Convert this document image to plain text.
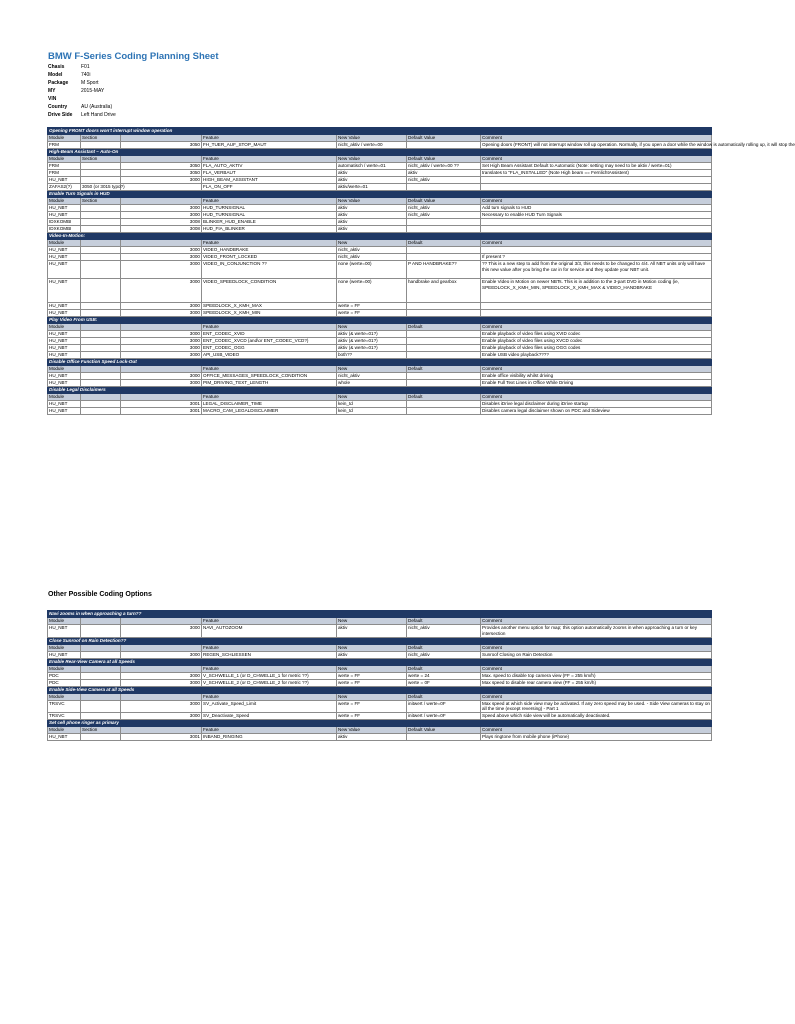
BMW F-Series Coding Planning Sheet
Chasis	F01
Model	740i
Package	M Sport
MY	2015-MAY
VIN	
Country	AU (Australia)
Drive Side	Left Hand Drive
Opening FRONT doors won't interrupt window operation						
Module	Section		Feature	New Value	Default Value	Comment
FRM		3050	FH_TUER_AUF_STOP_MAUT	nicht_aktiv / werte=00		Opening doors (FRONT) will not interrupt window roll up operation. Normally, if you open a door while the window is automatically rolling up, it will stop the
High-Beam Assistant – Auto-On						
Module	Section		Feature	New Value	Default Value	Comment
FRM		3050	FLA_AUTO_AKTIV	automatisch / werte=01	nicht_aktiv / werte=00 ??	Set High Beam Assistant Default to Automatic (Note: setting may need to be aktiv / werte=01)
FRM		3050	FLA_VERBAUT	aktiv	aktiv	translates to "FLA_INSTALLED" (Note High beam == FernlichtAssistent)
HU_NBT		3000	HIGH_BEAM_ASSISTANT	aktiv	nicht_aktiv	
ZAFAS2(?)	3050 (or 3015 typo?)		FLA_ON_OFF	aktiv/werte=01		
Enable Turn Signals in HUD						
Module	Section		Feature	New Value	Default Value	Comment
HU_NBT		3000	HUD_TURNSIGNAL	aktiv	nicht_aktiv	Add turn signals to HUD
HU_NBT		3000	HUD_TURNSIGNAL	aktiv	nicht_aktiv	Necessary to enable HUD Turn Signals
IDXKOMBI		3008	BLINKER_HUD_ENABLE	aktiv		
IDXKOMBI		3008	HUD_FIA_BLINKER	aktiv		
Video-In-Motion:						
Module			Feature	New	Default	Comment
HU_NBT		3000	VIDEO_HANDBRAKE	nicht_aktiv		
HU_NBT		3000	VIDEO_FRONT_LOCKED	nicht_aktiv		If present ?
HU_NBT		3000	VIDEO_IN_CONJUNCTION ??	none (werte=00)	P AND HANDBRAKE??	?? This is a new step to add from the original 3/3, this needs to be changed to 4/4. All NBT units only will have this new value after you bring the car in for service and they update your NBT unit.
HU_NBT		3000	VIDEO_SPEEDLOCK_CONDITION	none (werte=00)	handbrake and gearbox	Enable Video in Motion on newer NBTs. This is in addition to the 3-part DVD in Motion coding (ie, SPEEDLOCK_X_KMH_MIN, SPEEDLOCK_X_KMH_MAX & VIDEO_HANDBRAKE
HU_NBT		3000	SPEEDLOCK_X_KMH_MAX	werte = FF		
HU_NBT		3000	SPEEDLOCK_X_KMH_MIN	werte = FF		
Play Video From USB:						
Module			Feature	New	Default	Comment
HU_NBT		3000	ENT_CODEC_XVID	aktiv (& werte=01?)		Enable playback of video files using XVID codec
HU_NBT		3000	ENT_CODEC_XVCD (and\or ENT_CODEC_VCD?)	aktiv (& werte=01?)		Enable playback of video files using XVCD codec
HU_NBT		3000	ENT_CODEC_OGG	aktiv (& werte=01?)		Enable playback of video files using OGG codes
HU_NBT		3000	API_USB_VIDEO	both??		Enable USB video playback????
Disable Office Function Speed Lock-Out						
Module			Feature	New	Default	Comment
HU_NBT		3000	OFFICE_MESSAGES_SPEEDLOCK_CONDITION	nicht_aktiv		Enable office visibility whilst driving
HU_NBT		3000	PIM_DRIVING_TEXT_LENGTH	whole		Enable Full Text Lines in Office While Driving
Disable Legal Disclaimers						
Module			Feature	New	Default	Comment
HU_NBT		3001	LEGAL_DISCLAIMER_TIME	kein_td		Disables iDrive legal disclaimer during iDrive startup
HU_NBT		3001	MACRO_CAM_LEGALDISCLAIMER	kein_td		Disables camera legal disclaimer shown on PDC and Sideview
Other Possible Coding Options
Navi zooms in when approaching a turn??						
Module			Feature	New	Default	Comment
HU_NBT		3000	NAVI_AUTOZOOM	aktiv	nicht_aktiv	Provides another menu option for map; this option automatically zooms in when approaching a turn or key intersection
Close Sunroof on Rain Detection??						
Module			Feature	New	Default	Comment
HU_NBT		3000	REGEN_SCHLIESSEN	aktiv	nicht_aktiv	Sunroof Closing on Rain Detection
Enable Rear-View Camera at all Speeds						
Module			Feature	New	Default	Comment
PDC		3000	V_SCHWELLE_1 (or D_CHWELLE_1 for metric ??)	werte = FF	werte = 24	Max. speed to disable top camera view (FF = 255 km/h)
PDC		3000	V_SCHWELLE_2 (or D_CHWELLE_2 for metric ??)	werte = FF	werte = 0F	Max speed to disable rear camera view (FF = 255 km/h)
Enable Side-View Camera at all Speeds						
Module			Feature	New	Default	Comment
TRSVC		3000	SV_Activate_Speed_Limit	werte = FF	initwert / werte=0F	Max speed at which side view may be activated. If any zero speed may be used. - Side View cameras to stay on all the time (except reversing) - Part 1
TRSVC		3000	SV_Deactivate_Speed	werte = FF	initwert / werte=0F	Speed above which side view will be automatically deactivated.
Set cell phone ringer as primary						
Module	Section		Feature	New Value	Default Value	Comment
HU_NBT		3001	INBAND_RINGING	aktiv		Plays ringtone from mobile phone (iPhone)
